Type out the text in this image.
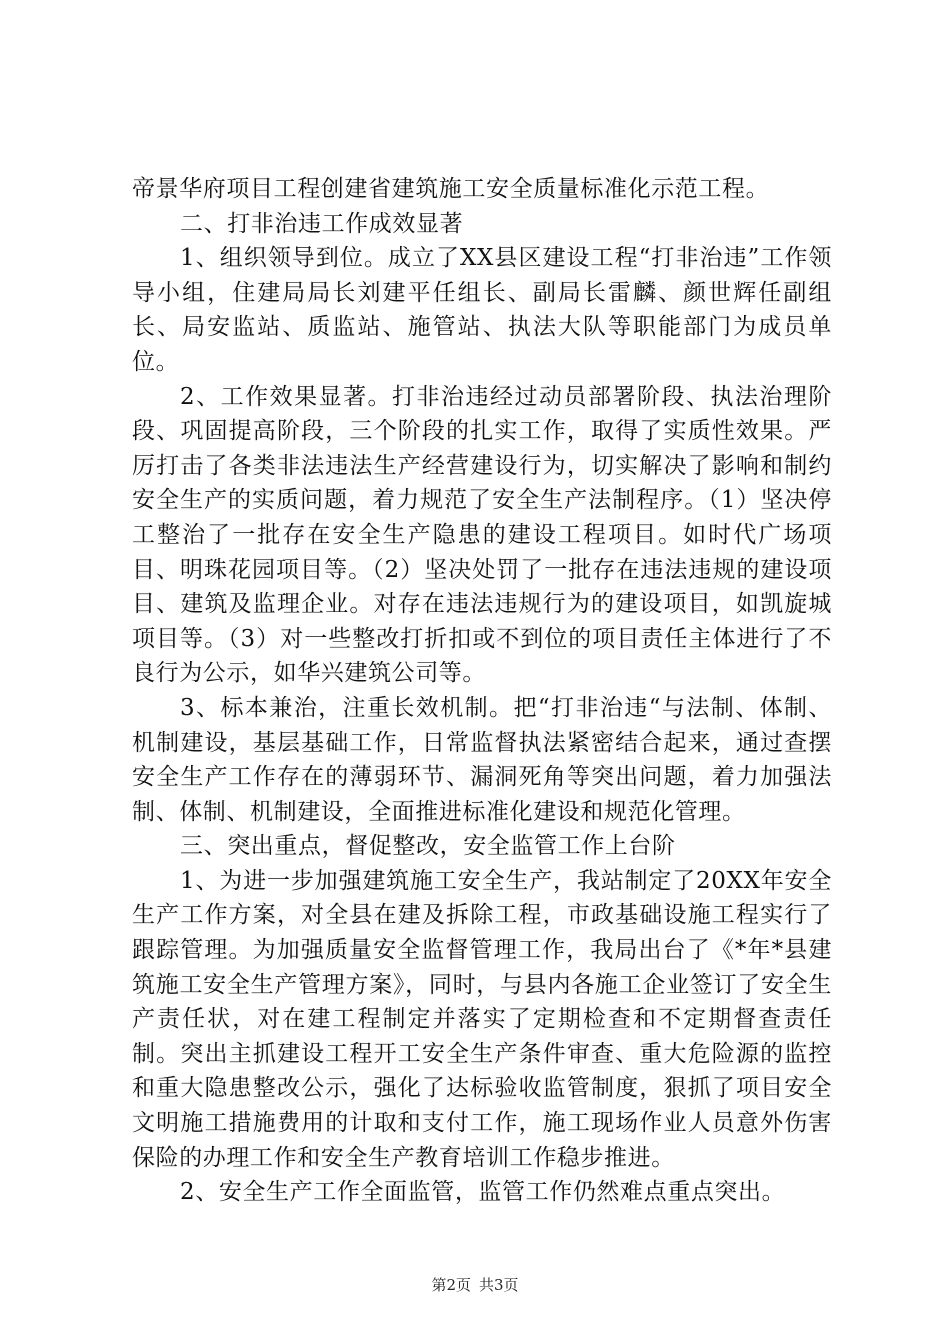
帝景华府项目工程创建省建筑施工安全质量标准化示范工程。

二、打非治违工作成效显著

1、组织领导到位。成立了XX县区建设工程“打非治违”工作领导小组，住建局局长刘建平任组长、副局长雷麟、颜世辉任副组长、局安监站、质监站、施管站、执法大队等职能部门为成员单位。

2、工作效果显著。打非治违经过动员部署阶段、执法治理阶段、巩固提高阶段，三个阶段的扎实工作，取得了实质性效果。严厉打击了各类非法违法生产经营建设行为，切实解决了影响和制约安全生产的实质问题，着力规范了安全生产法制程序。（1）坚决停工整治了一批存在安全生产隐患的建设工程项目。如时代广场项目、明珠花园项目等。（2）坚决处罚了一批存在违法违规的建设项目、建筑及监理企业。对存在违法违规行为的建设项目，如凯旋城项目等。（3）对一些整改打折扣或不到位的项目责任主体进行了不良行为公示，如华兴建筑公司等。

3、标本兼治，注重长效机制。把“打非治违“与法制、体制、机制建设，基层基础工作，日常监督执法紧密结合起来，通过查摆安全生产工作存在的薄弱环节、漏洞死角等突出问题，着力加强法制、体制、机制建设，全面推进标准化建设和规范化管理。

三、突出重点，督促整改，安全监管工作上台阶

1、为进一步加强建筑施工安全生产，我站制定了20XX年安全生产工作方案，对全县在建及拆除工程，市政基础设施工程实行了跟踪管理。为加强质量安全监督管理工作，我局出台了《*年*县建筑施工安全生产管理方案》，同时，与县内各施工企业签订了安全生产责任状，对在建工程制定并落实了定期检查和不定期督查责任制。突出主抓建设工程开工安全生产条件审查、重大危险源的监控和重大隐患整改公示，强化了达标验收监管制度，狠抓了项目安全文明施工措施费用的计取和支付工作，施工现场作业人员意外伤害保险的办理工作和安全生产教育培训工作稳步推进。

2、安全生产工作全面监管，监管工作仍然难点重点突出。

第2页 共3页
